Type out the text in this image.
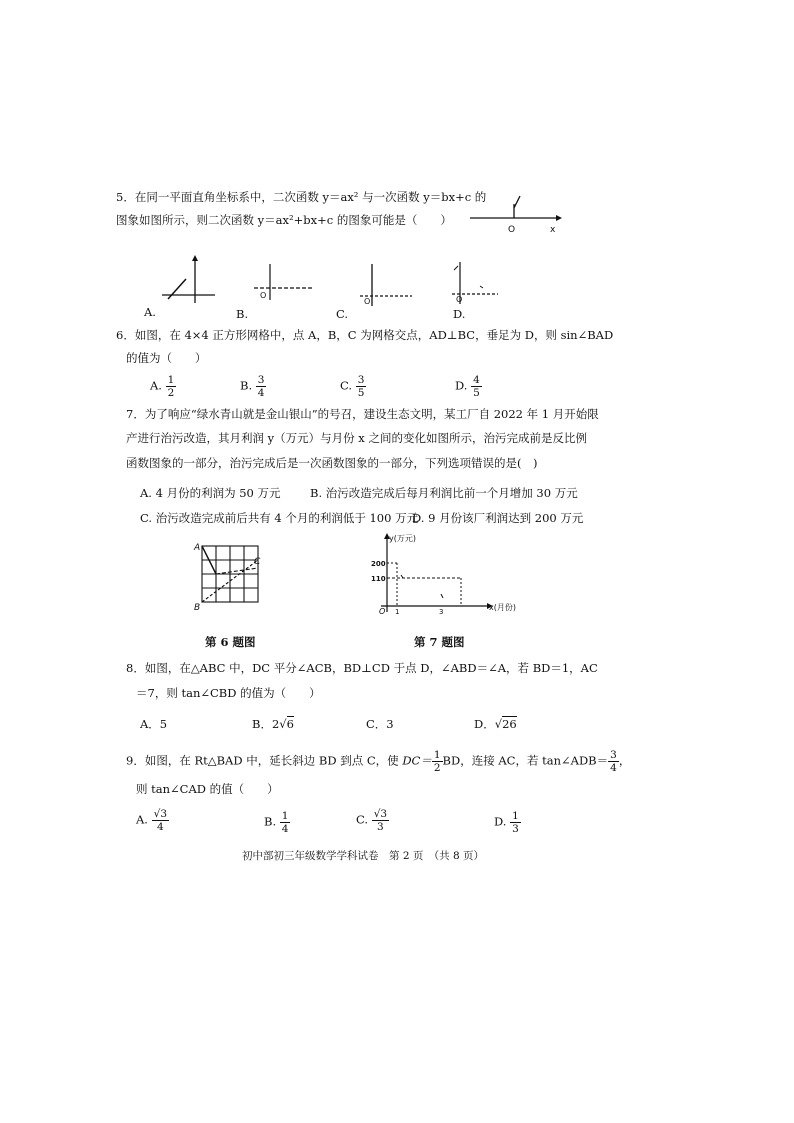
5．在同一平面直角坐标系中，二次函数 y＝ax² 与一次函数 y＝bx+c 的
图象如图所示，则二次函数 y＝ax²+bx+c 的图象可能是（　　）
O	x
A.
O
B.
O
C.
O
D.
6．如图，在 4×4 正方形网格中，点 A，B，C 为网格交点，AD⊥BC，垂足为 D，则 sin∠BAD
的值为（　　）
A. $\frac{1}{2}$	B. $\frac{3}{4}$	C. $\frac{3}{5}$	D. $\frac{4}{5}$
7．为了响应“绿水青山就是金山银山”的号召，建设生态文明，某工厂自 2022 年 1 月开始限
产进行治污改造，其月利润 y（万元）与月份 x 之间的变化如图所示，治污完成前是反比例
函数图象的一部分，治污完成后是一次函数图象的一部分，下列选项错误的是(　)
A. 4 月份的利润为 50 万元	B. 治污改造完成后每月利润比前一个月增加 30 万元
C. 治污改造完成前后共有 4 个月的利润低于 100 万元
D. 9 月份该厂利润达到 200 万元
A
C
B
第 6 题图
y(万元)
x(月份)
200
110
1	3
O
第 7 题图
8．如图，在△ABC 中，DC 平分∠ACB，BD⊥CD 于点 D，∠ABD＝∠A，若 BD＝1，AC
＝7，则 tan∠CBD 的值为（　　）
A．5	B．2√6	C．3	D．√26
9．如图，在 Rt△BAD 中，延长斜边 BD 到点 C，使 $DC= \frac{1}{2}$ BD，连接 AC，若 tan∠ADB＝ $\frac{3}{4}$ ，
则 tan∠CAD 的值（　　）
A. $\frac{√3}{4}$	B. $\frac{1}{4}$	C. $\frac{√3}{3}$	D. $\frac{1}{3}$
初中部初三年级数学学科试卷　第 2 页　（共 8 页）
